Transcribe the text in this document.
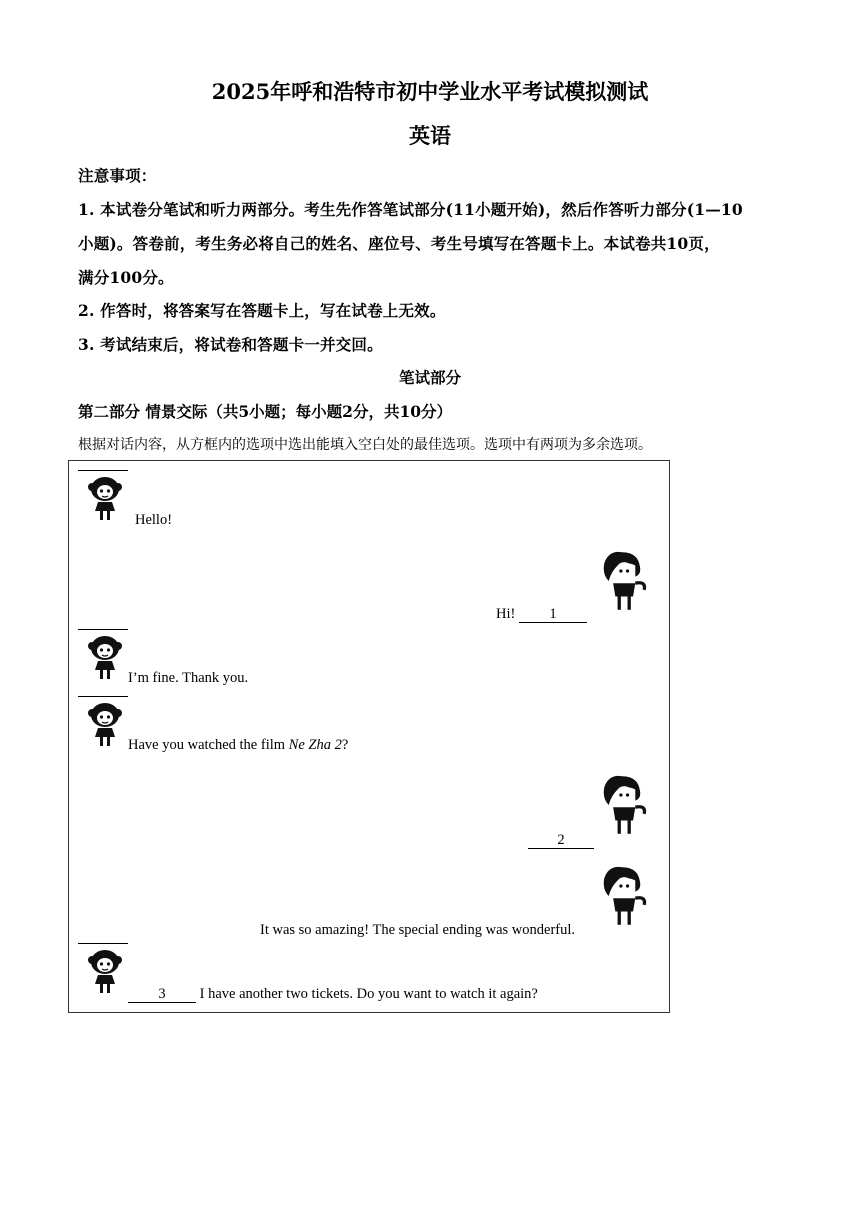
2025年呼和浩特市初中学业水平考试模拟测试
英语
注意事项：
1. 本试卷分笔试和听力两部分。考生先作答笔试部分(11小题开始)，然后作答听力部分(1—10
小题)。答卷前，考生务必将自己的姓名、座位号、考生号填写在答题卡上。本试卷共10页，
满分100分。
2. 作答时，将答案写在答题卡上，写在试卷上无效。
3. 考试结束后，将试卷和答题卡一并交回。
笔试部分
第二部分 情景交际（共5小题；每小题2分，共10分）
根据对话内容，从方框内的选项中选出能填入空白处的最佳选项。选项中有两项为多余选项。
Hello!
Hi! 1
I’m fine. Thank you.
Have you watched the film Ne Zha 2?
2
It was so amazing! The special ending was wonderful.
3 I have another two tickets. Do you want to watch it again?
